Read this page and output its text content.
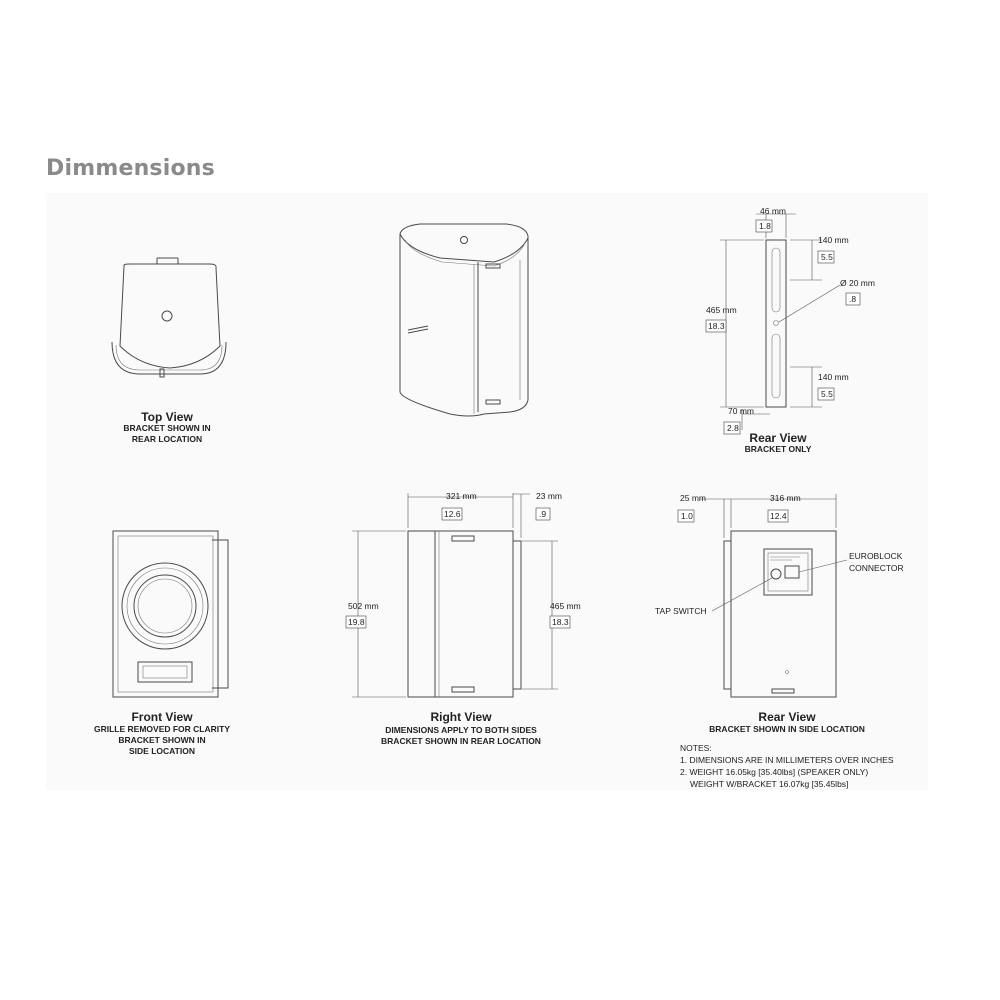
Dimmensions
Top View
BRACKET SHOWN IN
REAR LOCATION
46 mm
1.8
140 mm
5.5
Ø 20 mm
.8
465 mm
18.3
140 mm
5.5
70 mm
2.8
Rear View
BRACKET ONLY
Front View
GRILLE REMOVED FOR CLARITY
BRACKET SHOWN IN
SIDE LOCATION
321 mm
12.6
23 mm
.9
502 mm
19.8
465 mm
18.3
Right View
DIMENSIONS APPLY TO BOTH SIDES
BRACKET SHOWN IN REAR LOCATION
25 mm
1.0
316 mm
12.4
EUROBLOCK
CONNECTOR
TAP SWITCH
Rear View
BRACKET SHOWN IN SIDE LOCATION
NOTES:
1. DIMENSIONS ARE IN MILLIMETERS OVER INCHES
2. WEIGHT 16.05kg [35.40lbs] (SPEAKER ONLY)
WEIGHT W/BRACKET 16.07kg [35.45lbs]
